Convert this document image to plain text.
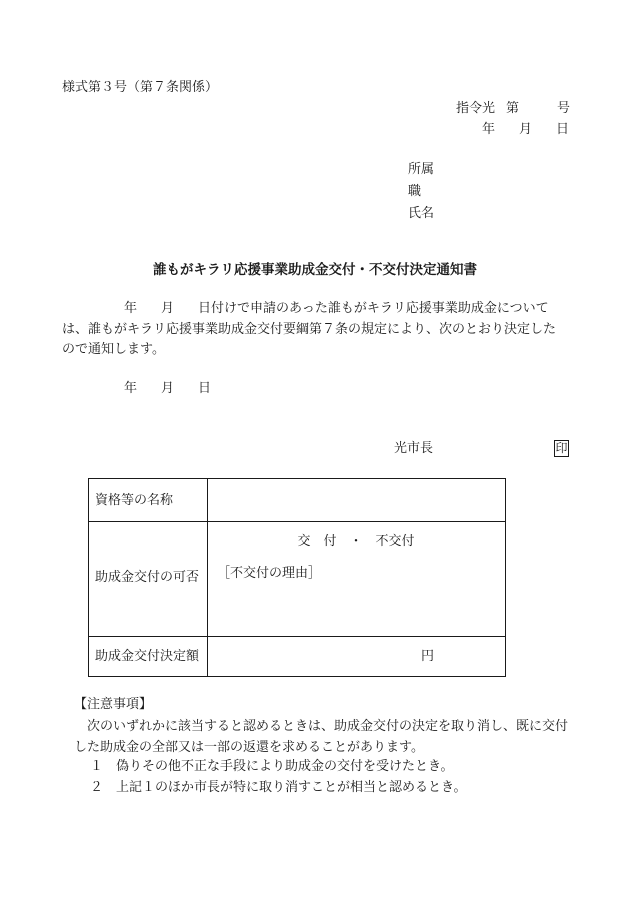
様式第３号（第７条関係）
指令光 第	号
年 月 日
所属
職
氏名
誰もがキラリ応援事業助成金交付・不交付決定通知書
年 月 日付けで申請のあった誰もがキラリ応援事業助成金については、誰もがキラリ応援事業助成金交付要綱第７条の規定により、次のとおり決定したので通知します。
年 月 日
光市長	印
資格等の名称
助成金交付の可否
助成金交付決定額
交　付　・　不交付
［不交付の理由］
円
【注意事項】
次のいずれかに該当すると認めるときは、助成金交付の決定を取り消し、既に交付した助成金の全部又は一部の返還を求めることがあります。
１　偽りその他不正な手段により助成金の交付を受けたとき。
２　上記１のほか市長が特に取り消すことが相当と認めるとき。
